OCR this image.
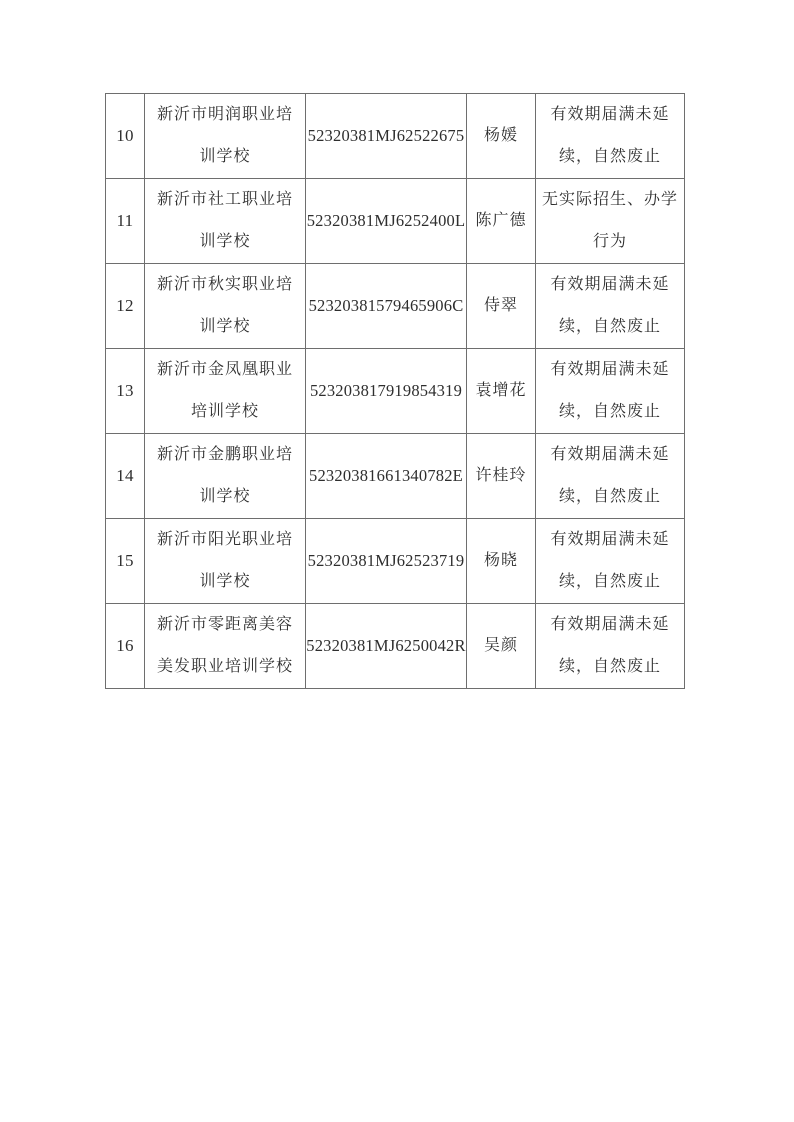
10	新沂市明润职业培训学校	52320381MJ62522675	杨媛	有效期届满未延续，自然废止

11	新沂市社工职业培训学校	52320381MJ6252400L	陈广德	无实际招生、办学行为

12	新沂市秋实职业培训学校	52320381579465906C	侍翠	有效期届满未延续，自然废止

13	新沂市金凤凰职业培训学校	523203817919854319	袁增花	有效期届满未延续，自然废止

14	新沂市金鹏职业培训学校	52320381661340782E	许桂玲	有效期届满未延续，自然废止

15	新沂市阳光职业培训学校	52320381MJ62523719	杨晓	有效期届满未延续，自然废止

16	新沂市零距离美容美发职业培训学校	52320381MJ6250042R	吴颜	有效期届满未延续，自然废止
